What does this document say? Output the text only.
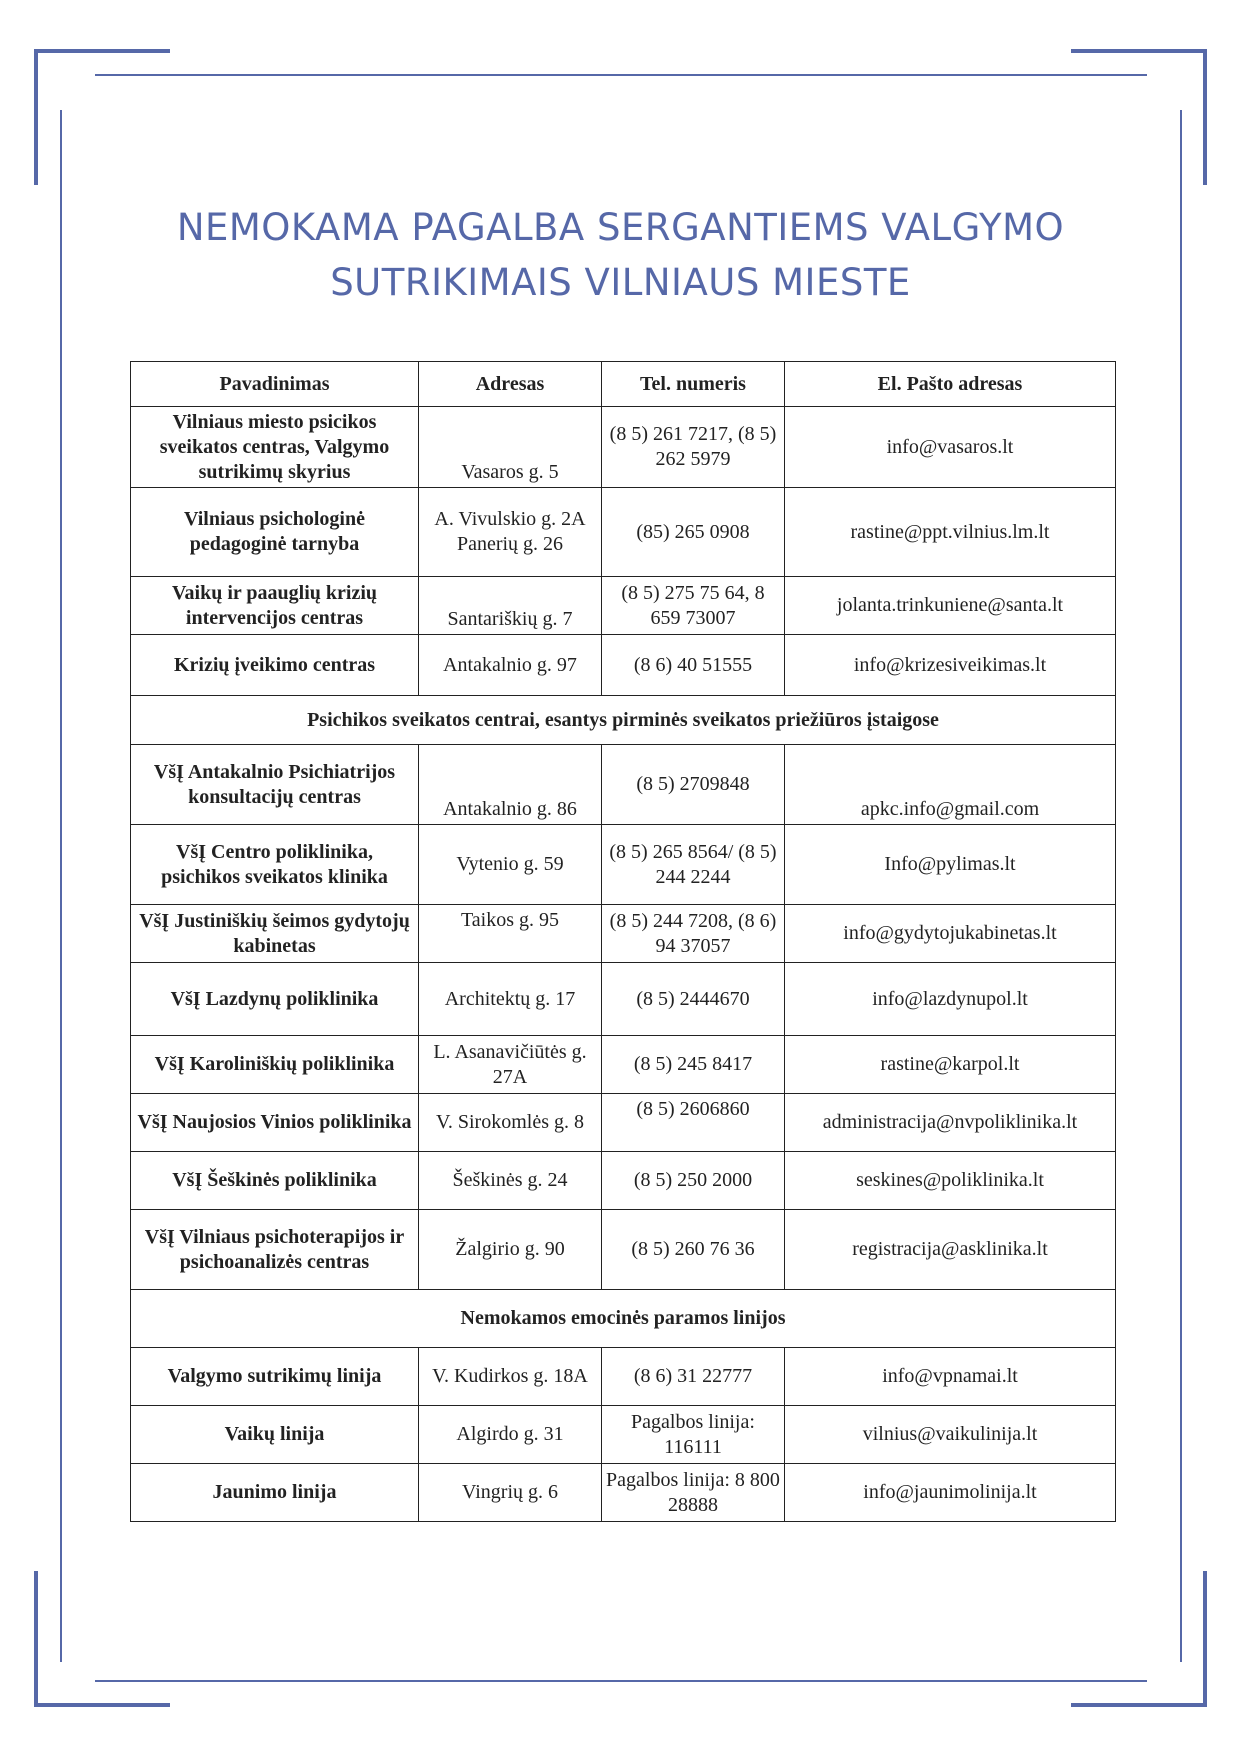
NEMOKAMA PAGALBA SERGANTIEMS VALGYMO
SUTRIKIMAIS VILNIAUS MIESTE
Pavadinimas	Adresas	Tel. numeris	El. Pašto adresas
Vilniaus miesto psicikos sveikatos centras, Valgymo sutrikimų skyrius	Vasaros g. 5	(8 5) 261 7217, (8 5) 262 5979	info@vasaros.lt
Vilniaus psichologinė pedagoginė tarnyba	A. Vivulskio g. 2A Panerių g. 26	(85) 265 0908	rastine@ppt.vilnius.lm.lt
Vaikų ir paauglių krizių intervencijos centras	Santariškių g. 7	(8 5) 275 75 64, 8 659 73007	jolanta.trinkuniene@santa.lt
Krizių įveikimo centras	Antakalnio g. 97	(8 6) 40 51555	info@krizesiveikimas.lt
Psichikos sveikatos centrai, esantys pirminės sveikatos priežiūros įstaigose			
VšĮ Antakalnio Psichiatrijos konsultacijų centras	Antakalnio g. 86	(8 5) 2709848	apkc.info@gmail.com
VšĮ Centro poliklinika, psichikos sveikatos klinika	Vytenio g. 59	(8 5) 265 8564/ (8 5) 244 2244	Info@pylimas.lt
VšĮ Justiniškių šeimos gydytojų kabinetas	Taikos g. 95	(8 5) 244 7208, (8 6) 94 37057	info@gydytojukabinetas.lt
VšĮ Lazdynų poliklinika	Architektų g. 17	(8 5) 2444670	info@lazdynupol.lt
VšĮ Karoliniškių poliklinika	L. Asanavičiūtės g. 27A	(8 5) 245 8417	rastine@karpol.lt
VšĮ Naujosios Vinios poliklinika	V. Sirokomlės g. 8	(8 5) 2606860	administracija@nvpoliklinika.lt
VšĮ Šeškinės poliklinika	Šeškinės g. 24	(8 5) 250 2000	seskines@poliklinika.lt
VšĮ Vilniaus psichoterapijos ir psichoanalizės centras	Žalgirio g. 90	(8 5) 260 76 36	registracija@asklinika.lt
Nemokamos emocinės paramos linijos			
Valgymo sutrikimų linija	V. Kudirkos g. 18A	(8 6) 31 22777	info@vpnamai.lt
Vaikų linija	Algirdo g. 31	Pagalbos linija: 116111	vilnius@vaikulinija.lt
Jaunimo linija	Vingrių g. 6	Pagalbos linija: 8 800 28888	info@jaunimolinija.lt
